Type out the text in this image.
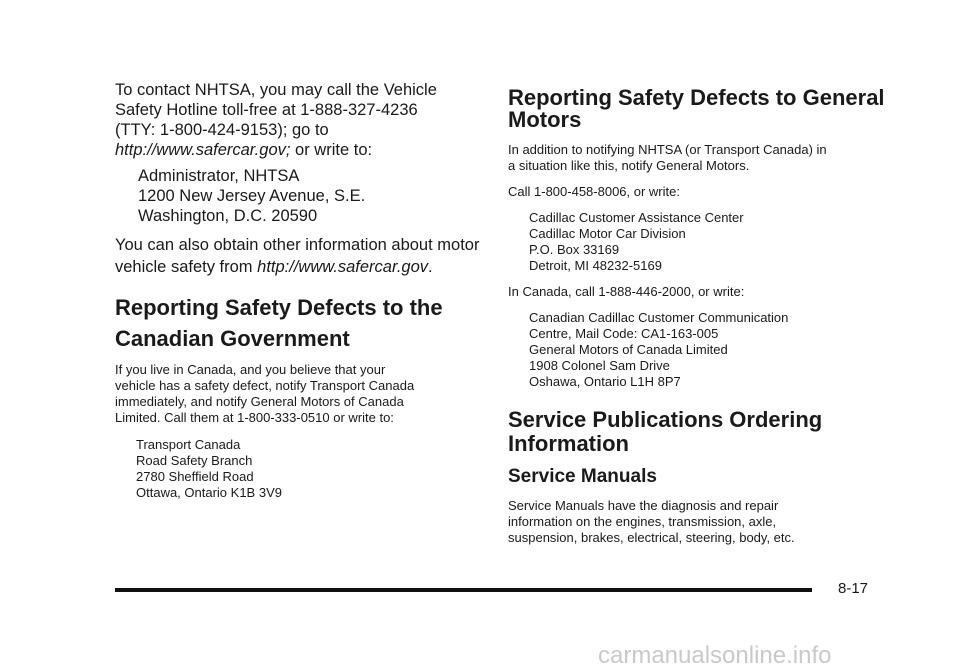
To contact NHTSA, you may call the Vehicle
Safety Hotline toll-free at 1-888-327-4236
(TTY: 1-800-424-9153); go to
http://www.safercar.gov; or write to:

Administrator, NHTSA
1200 New Jersey Avenue, S.E.
Washington, D.C. 20590

You can also obtain other information about motor
vehicle safety from http://www.safercar.gov.

Reporting Safety Defects to the
Canadian Government

If you live in Canada, and you believe that your
vehicle has a safety defect, notify Transport Canada
immediately, and notify General Motors of Canada
Limited. Call them at 1-800-333-0510 or write to:

Transport Canada
Road Safety Branch
2780 Sheffield Road
Ottawa, Ontario K1B 3V9

Reporting Safety Defects to General
Motors

In addition to notifying NHTSA (or Transport Canada) in
a situation like this, notify General Motors.

Call 1-800-458-8006, or write:

Cadillac Customer Assistance Center
Cadillac Motor Car Division
P.O. Box 33169
Detroit, MI 48232-5169

In Canada, call 1-888-446-2000, or write:

Canadian Cadillac Customer Communication
Centre, Mail Code: CA1-163-005
General Motors of Canada Limited
1908 Colonel Sam Drive
Oshawa, Ontario L1H 8P7

Service Publications Ordering
Information
Service Manuals

Service Manuals have the diagnosis and repair
information on the engines, transmission, axle,
suspension, brakes, electrical, steering, body, etc.

8-17
carmanualsonline.info
